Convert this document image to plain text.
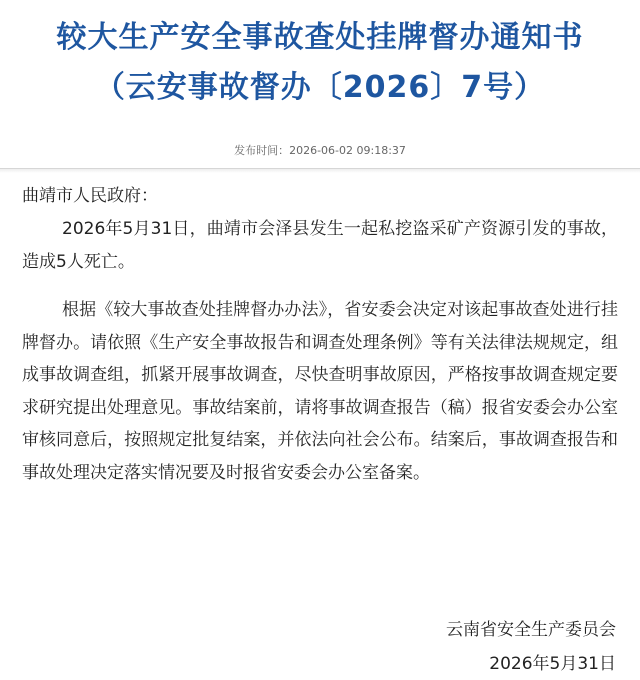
较大生产安全事故查处挂牌督办通知书
（云安事故督办〔2026〕7号）
发布时间：2026-06-02 09:18:37
曲靖市人民政府：
2026年5月31日，曲靖市会泽县发生一起私挖盗采矿产资源引发的事故，造成5人死亡。
根据《较大事故查处挂牌督办办法》，省安委会决定对该起事故查处进行挂牌督办。请依照《生产安全事故报告和调查处理条例》等有关法律法规规定，组成事故调查组，抓紧开展事故调查，尽快查明事故原因，严格按事故调查规定要求研究提出处理意见。事故结案前，请将事故调查报告（稿）报省安委会办公室审核同意后，按照规定批复结案，并依法向社会公布。结案后，事故调查报告和事故处理决定落实情况要及时报省安委会办公室备案。
云南省安全生产委员会
2026年5月31日
